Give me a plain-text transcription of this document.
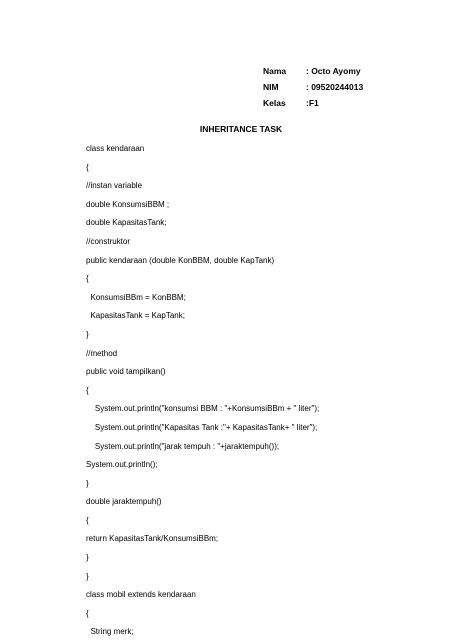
Nama : Octo Ayomy
NIM	: 09520244013
Kelas :F1
INHERITANCE TASK
class kendaraan
{
//instan variable
double KonsumsiBBM ;
double KapasitasTank;
//construktor
public kendaraan (double KonBBM, double KapTank)
{
KonsumsiBBm = KonBBM;
KapasitasTank = KapTank;
}
//method
public void tampilkan()
{
System.out.println("konsumsi BBM : "+KonsumsiBBm + " liter");
System.out.println("Kapasitas Tank :"+ KapasitasTank+ " liter");
System.out.println("jarak tempuh : "+jaraktempuh());
System.out.println();
}
double jaraktempuh()
{
return KapasitasTank/KonsumsiBBm;
}
}
class mobil extends kendaraan
{
String merk;
